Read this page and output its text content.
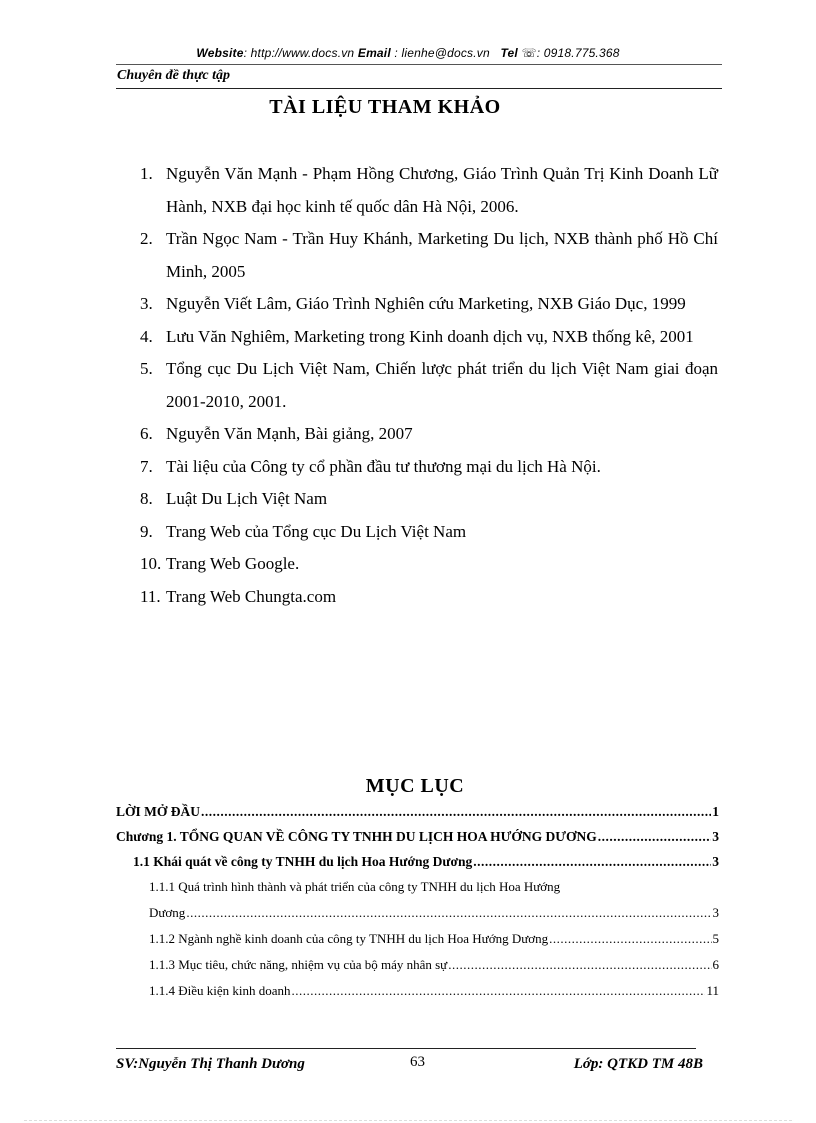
Website: http://www.docs.vn Email : lienhe@docs.vn Tel ☏: 0918.775.368
Chuyên đề thực tập
TÀI LIỆU THAM KHẢO
1. Nguyễn Văn Mạnh - Phạm Hồng Chương, Giáo Trình Quản Trị Kinh Doanh Lữ Hành, NXB đại học kinh tế quốc dân Hà Nội, 2006.
2. Trần Ngọc Nam - Trần Huy Khánh, Marketing Du lịch, NXB thành phố Hồ Chí Minh, 2005
3. Nguyễn Viết Lâm, Giáo Trình Nghiên cứu Marketing, NXB Giáo Dục, 1999
4. Lưu Văn Nghiêm, Marketing trong Kinh doanh dịch vụ, NXB thống kê, 2001
5. Tổng cục Du Lịch Việt Nam, Chiến lược phát triển du lịch Việt Nam giai đoạn 2001-2010, 2001.
6. Nguyễn Văn Mạnh, Bài giảng, 2007
7. Tài liệu của Công ty cổ phần đầu tư thương mại du lịch Hà Nội.
8. Luật Du Lịch Việt Nam
9. Trang Web của Tổng cục Du Lịch Việt Nam
10. Trang Web Google.
11. Trang Web Chungta.com
MỤC LỤC
LỜI MỞ ĐẦU .....	1
Chương 1. TỔNG QUAN VỀ CÔNG TY TNHH DU LỊCH HOA HƯỚNG DƯƠNG .....	3
1.1 Khái quát về công ty TNHH du lịch Hoa Hướng Dương .....	3
1.1.1 Quá trình hình thành và phát triển của công ty TNHH du lịch Hoa Hướng
Dương .....	3
1.1.2 Ngành nghề kinh doanh của công ty TNHH du lịch Hoa Hướng Dương .....	5
1.1.3 Mục tiêu, chức năng, nhiệm vụ của bộ máy nhân sự .....	6
1.1.4 Điều kiện kinh doanh .....	11
SV:Nguyễn Thị Thanh Dương	63	Lớp: QTKD TM 48B
